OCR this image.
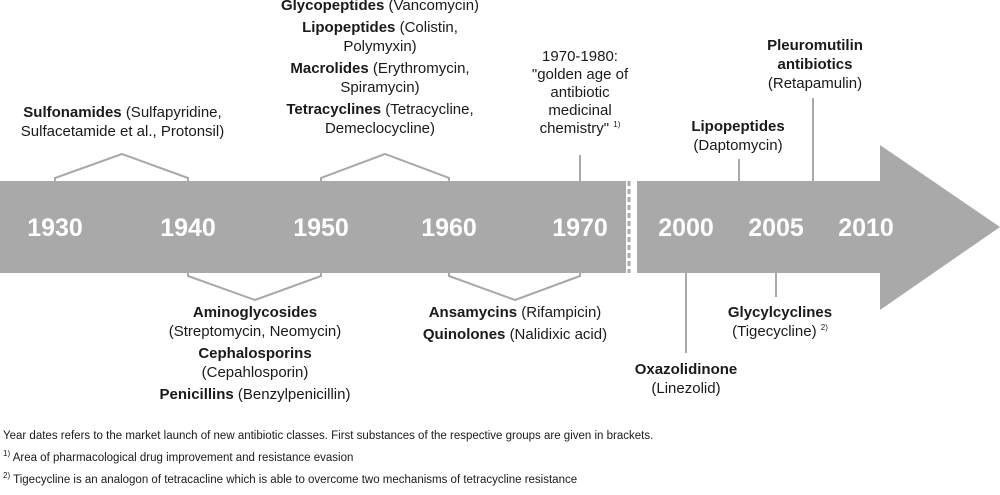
1930	1940	1950	1960	1970 2000 2005 2010
Sulfonamides (Sulfapyridine,
Sulfacetamide et al., Protonsil)
Glycopeptides (Vancomycin)
Lipopeptides (Colistin,
Polymyxin)
Macrolides (Erythromycin,
Spiramycin)
Tetracyclines (Tetracycline,
Demeclocycline)
1970-1980:
"golden age of
antibiotic
medicinal
chemistry" $^{1)}$	Lipopeptides
(Daptomycin)
Pleuromutilin
antibiotics
(Retapamulin)
Aminoglycosides
(Streptomycin, Neomycin)
Cephalosporins
(Cepahlosporin)
Penicillins (Benzylpenicillin)
Ansamycins (Rifampicin)
Quinolones (Nalidixic acid)
Glycylcyclines
(Tigecycline) $^{2)}$
Oxazolidinone
(Linezolid)
Year dates refers to the market launch of new antibiotic classes. First substances of the respective groups are given in brackets.
$^{1)}$ Area of pharmacological drug improvement and resistance evasion
$^{2)}$ Tigecycline is an analogon of tetracacline which is able to overcome two mechanisms of tetracycline resistance
